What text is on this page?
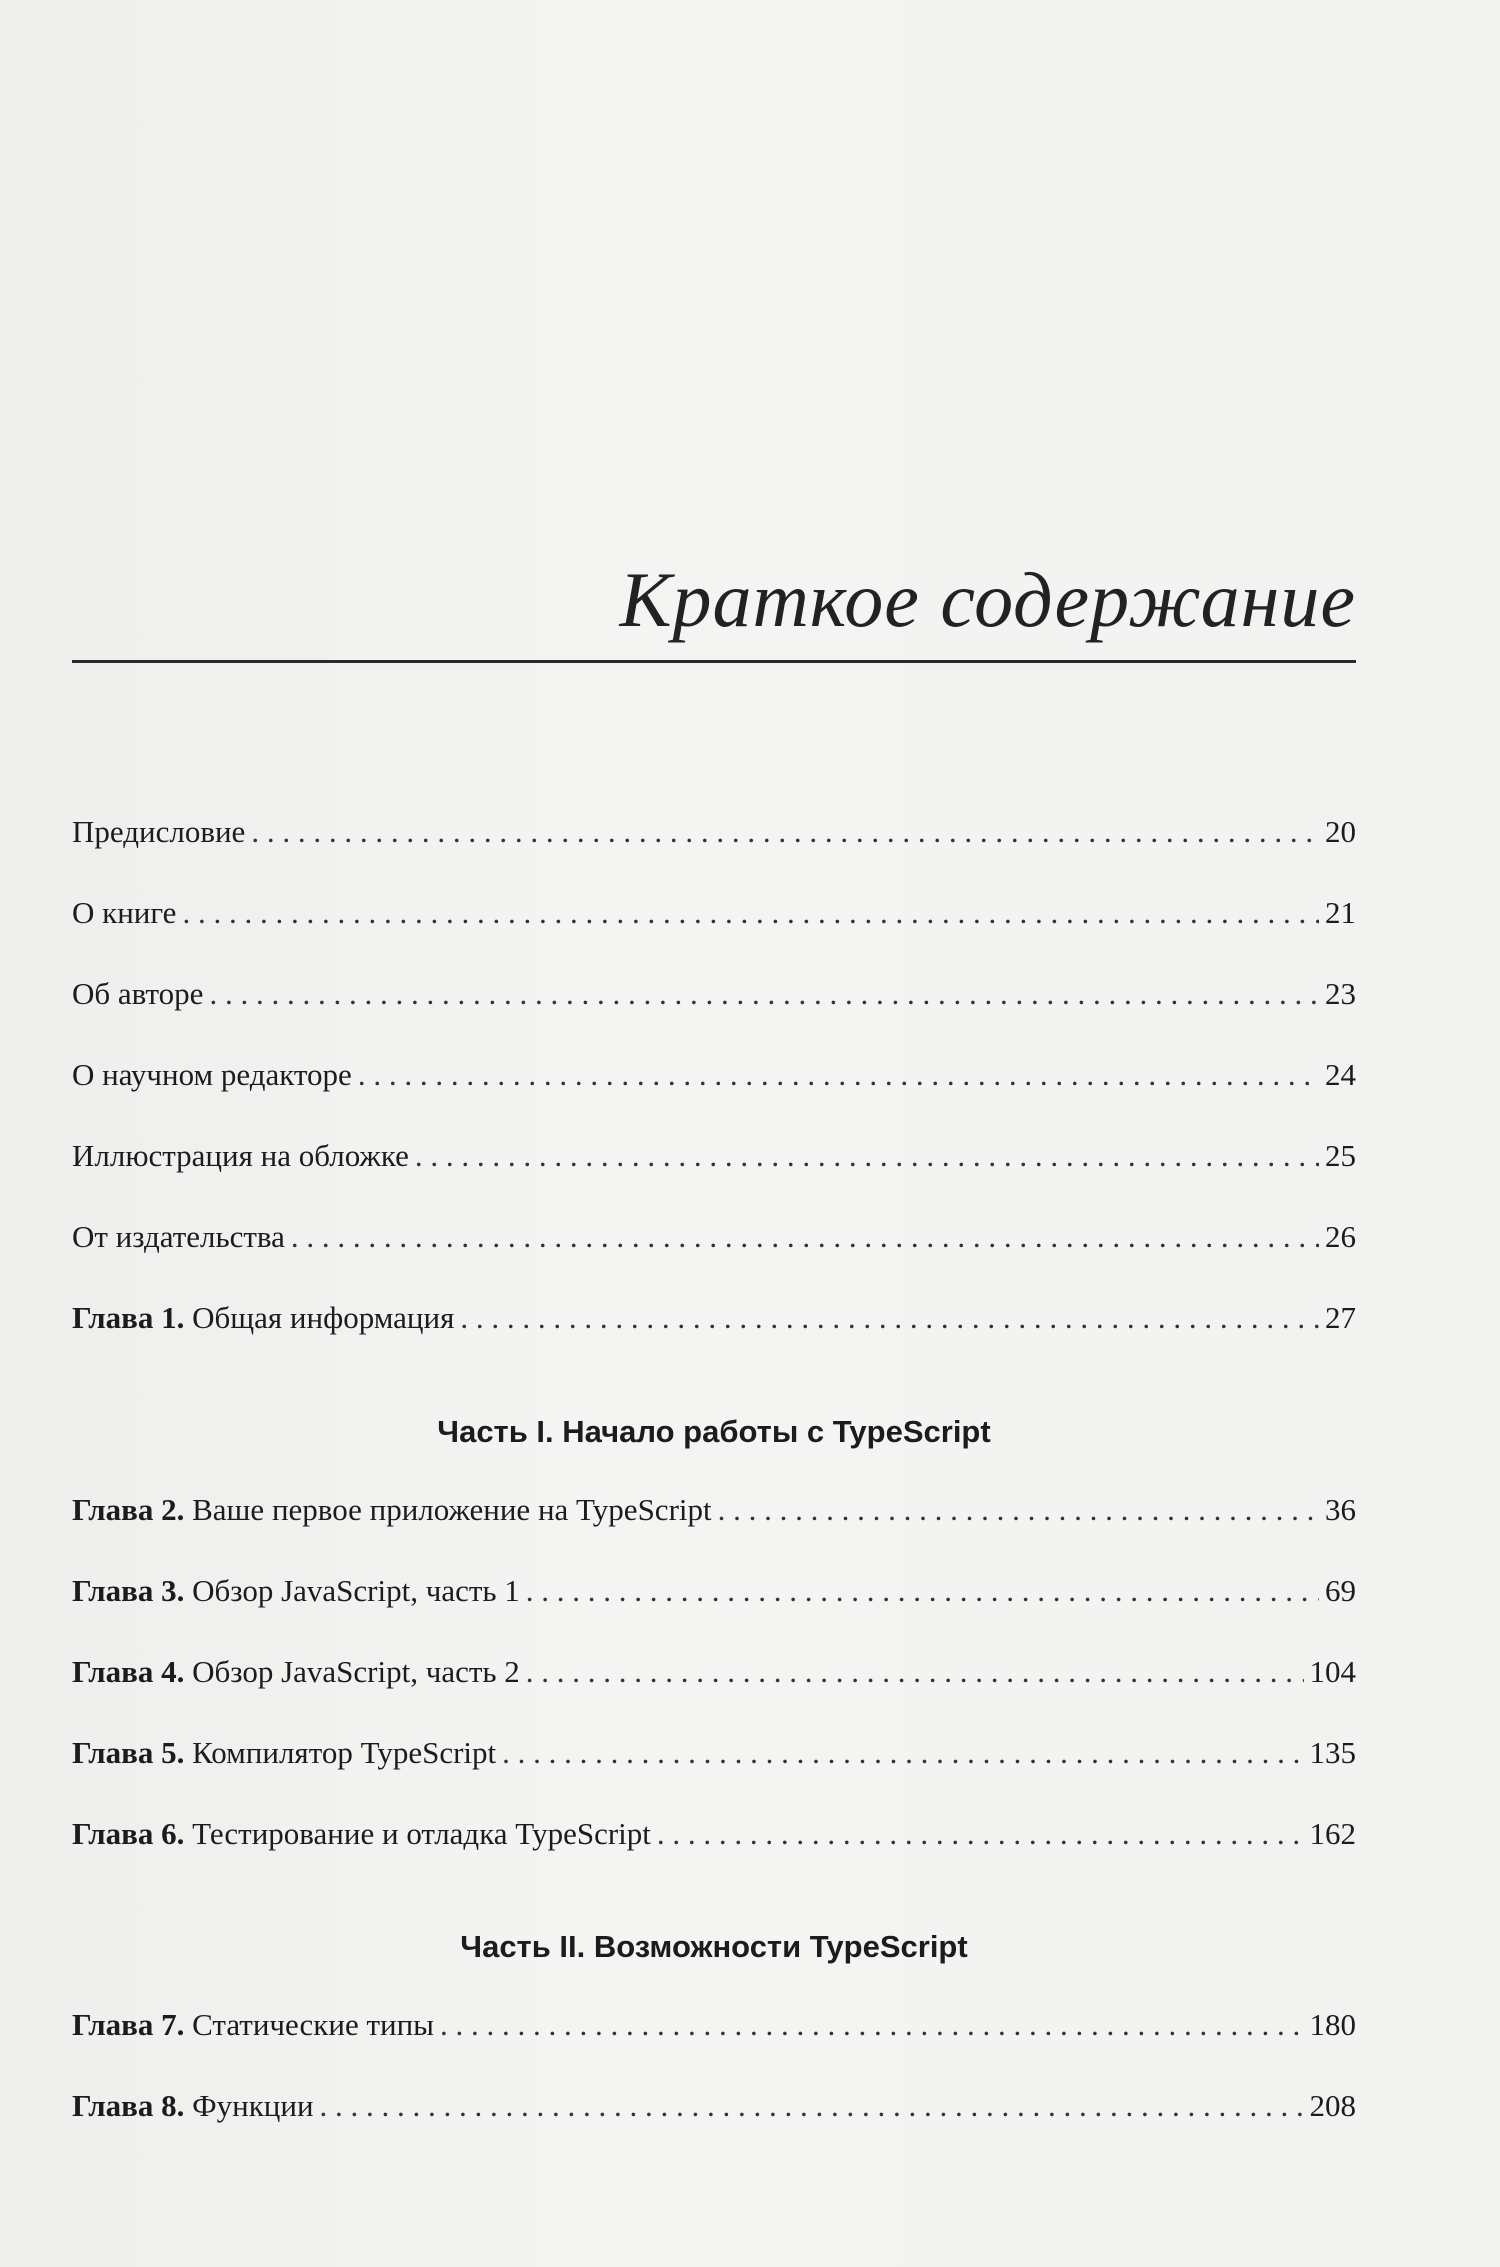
Краткое содержание
Предисловие . . .	20
О книге . . .	21
Об авторе . . .	23
О научном редакторе . . .	24
Иллюстрация на обложке . . .	25
От издательства . . .	26
Глава 1. Общая информация . . .	27
Часть I. Начало работы с TypeScript
Глава 2. Ваше первое приложение на TypeScript . . .	36
Глава 3. Обзор JavaScript, часть 1 . . .	69
Глава 4. Обзор JavaScript, часть 2 . . .	104
Глава 5. Компилятор TypeScript . . .	135
Глава 6. Тестирование и отладка TypeScript . . .	162
Часть II. Возможности TypeScript
Глава 7. Статические типы . . .	180
Глава 8. Функции . . .	208
